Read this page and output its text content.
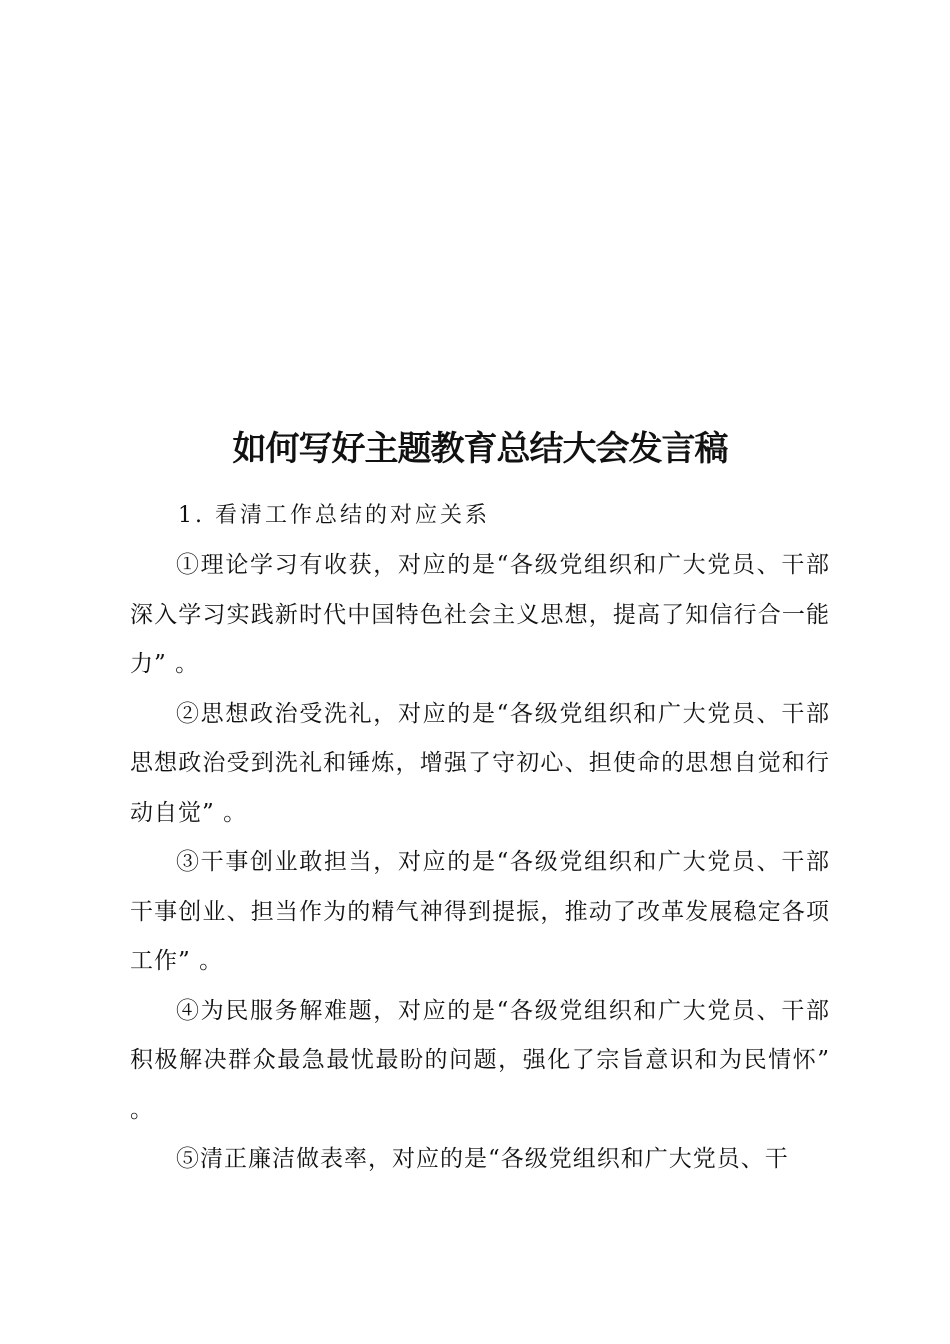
如何写好主题教育总结大会发言稿

1. 看清工作总结的对应关系

①理论学习有收获，对应的是“各级党组织和广大党员、干部深入学习实践新时代中国特色社会主义思想，提高了知信行合一能力” 。

②思想政治受洗礼，对应的是“各级党组织和广大党员、干部思想政治受到洗礼和锤炼，增强了守初心、担使命的思想自觉和行动自觉” 。

③干事创业敢担当，对应的是“各级党组织和广大党员、干部干事创业、担当作为的精气神得到提振，推动了改革发展稳定各项工作” 。

④为民服务解难题，对应的是“各级党组织和广大党员、干部积极解决群众最急最忧最盼的问题，强化了宗旨意识和为民情怀” 。

⑤清正廉洁做表率，对应的是“各级党组织和广大党员、干
